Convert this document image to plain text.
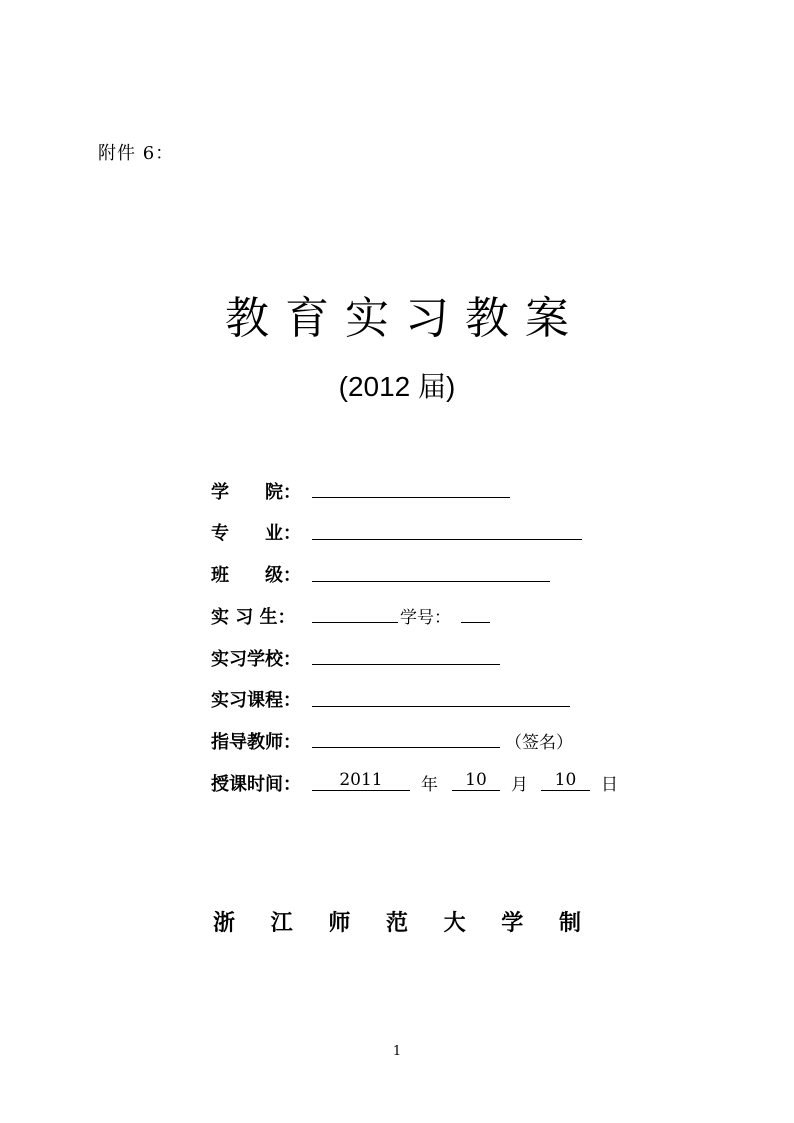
附件 6：
教育实习教案
(2012 届)
学　　院：
专　　业：
班　　级：
实 习 生：	学号：
实习学校：
实习课程：
指导教师：	（签名）
授课时间：	2011	年	10	月	10	日
浙 江 师 范 大 学 制
1
